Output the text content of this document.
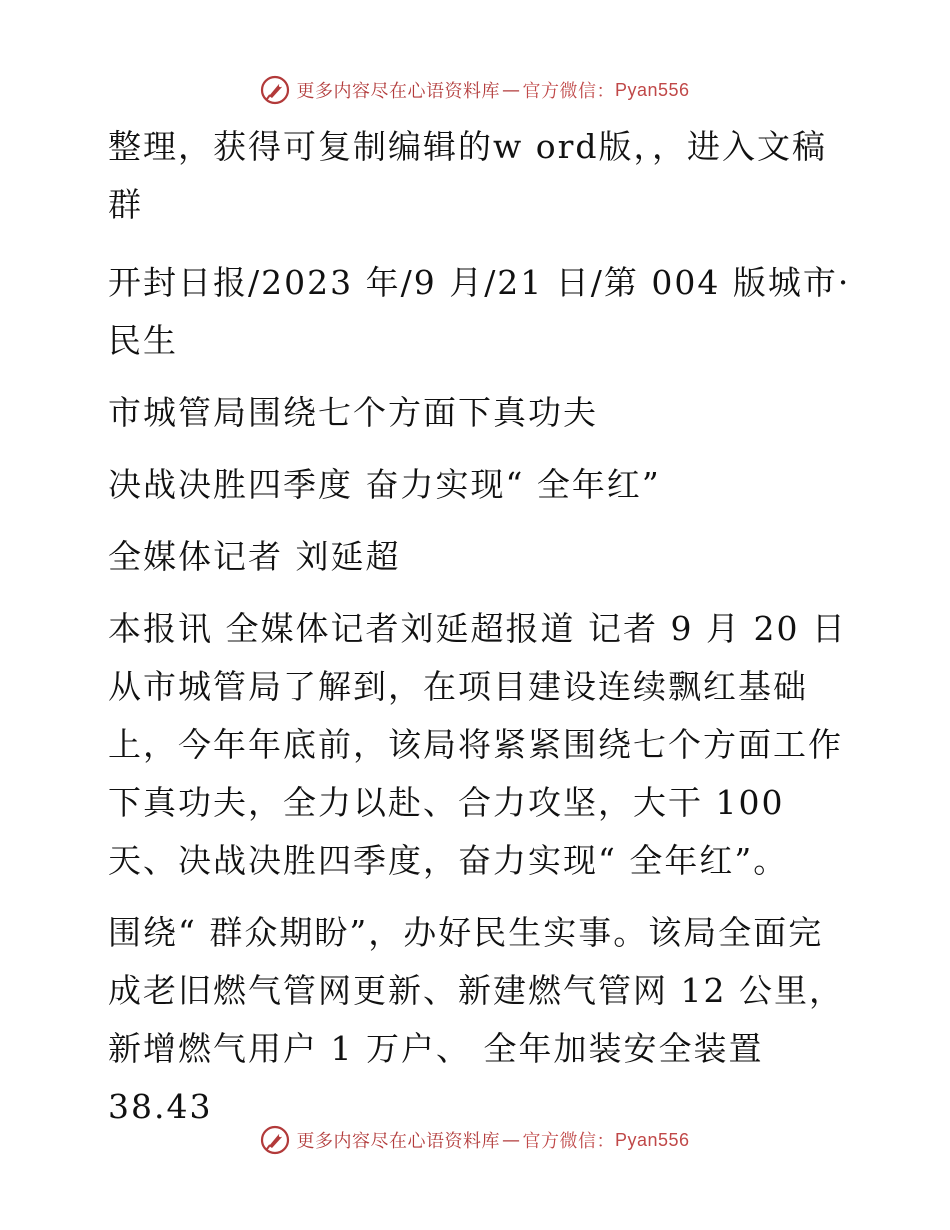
更多内容尽在心语资料库 — 官方微信： Pyan556

整理，获得可复制编辑的w ord版，，进入文稿群

开封日报/2023 年/9 月/21 日/第 004 版城市·民生

市城管局围绕七个方面下真功夫

决战决胜四季度 奋力实现“ 全年红”

全媒体记者 刘延超

本报讯 全媒体记者刘延超报道 记者 9 月 20 日从市城管局了解到，在项目建设连续飘红基础上，今年年底前，该局将紧紧围绕七个方面工作下真功夫，全力以赴、合力攻坚，大干 100 天、决战决胜四季度，奋力实现“ 全年红”。

围绕“ 群众期盼”，办好民生实事。该局全面完成老旧燃气管网更新、新建燃气管网 12 公里，新增燃气用户 1 万户、 全年加装安全装置 38.43

更多内容尽在心语资料库 — 官方微信： Pyan556
